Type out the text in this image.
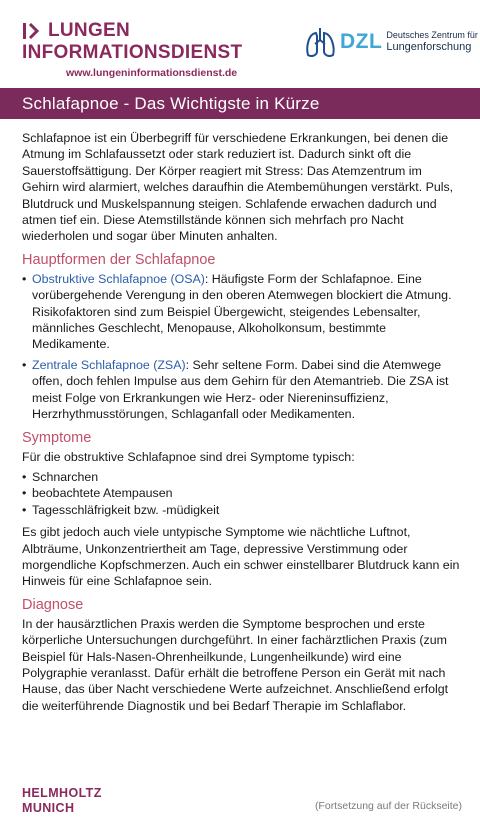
LUNGEN
INFORMATIONSDIENST
www.lungeninformationsdienst.de
DZL Deutsches Zentrum für
Lungenforschung
Schlafapnoe - Das Wichtigste in Kürze

Schlafapnoe ist ein Überbegriff für verschiedene Erkrankungen, bei denen die Atmung im Schlafaussetzt oder stark reduziert ist. Dadurch sinkt oft die Sauerstoffsättigung. Der Körper reagiert mit Stress: Das Atemzentrum im Gehirn wird alarmiert, welches daraufhin die Atembemühungen verstärkt. Puls, Blutdruck und Muskelspannung steigen. Schlafende erwachen dadurch und atmen tief ein. Diese Atemstillstände können sich mehrfach pro Nacht wiederholen und sogar über Minuten anhalten.

Hauptformen der Schlafapnoe
• Obstruktive Schlafapnoe (OSA): Häufigste Form der Schlafapnoe. Eine vorübergehende Verengung in den oberen Atemwegen blockiert die Atmung. Risikofaktoren sind zum Beispiel Übergewicht, steigendes Lebensalter, männliches Geschlecht, Menopause, Alkoholkonsum, bestimmte Medikamente.
• Zentrale Schlafapnoe (ZSA): Sehr seltene Form. Dabei sind die Atemwege offen, doch fehlen Impulse aus dem Gehirn für den Atemantrieb. Die ZSA ist meist Folge von Erkrankungen wie Herz- oder Niereninsuffizienz, Herzrhythmusstörungen, Schlaganfall oder Medikamenten.
Symptome

Für die obstruktive Schlafapnoe sind drei Symptome typisch:

• Schnarchen
• beobachtete Atempausen
• Tagesschläfrigkeit bzw. -müdigkeit

Es gibt jedoch auch viele untypische Symptome wie nächtliche Luftnot, Albträume, Unkonzentriertheit am Tage, depressive Verstimmung oder morgendliche Kopfschmerzen. Auch ein schwer einstellbarer Blutdruck kann ein Hinweis für eine Schlafapnoe sein.

Diagnose

In der hausärztlichen Praxis werden die Symptome besprochen und erste körperliche Untersuchungen durchgeführt. In einer fachärztlichen Praxis (zum Beispiel für Hals-Nasen-Ohrenheilkunde, Lungenheilkunde) wird eine Polygraphie veranlasst. Dafür erhält die betroffene Person ein Gerät mit nach Hause, das über Nacht verschiedene Werte aufzeichnet. Anschließend erfolgt die weiterführende Diagnostik und bei Bedarf Therapie im Schlaflabor.

HELMHOLTZ
MUNICH	(Fortsetzung auf der Rückseite)
